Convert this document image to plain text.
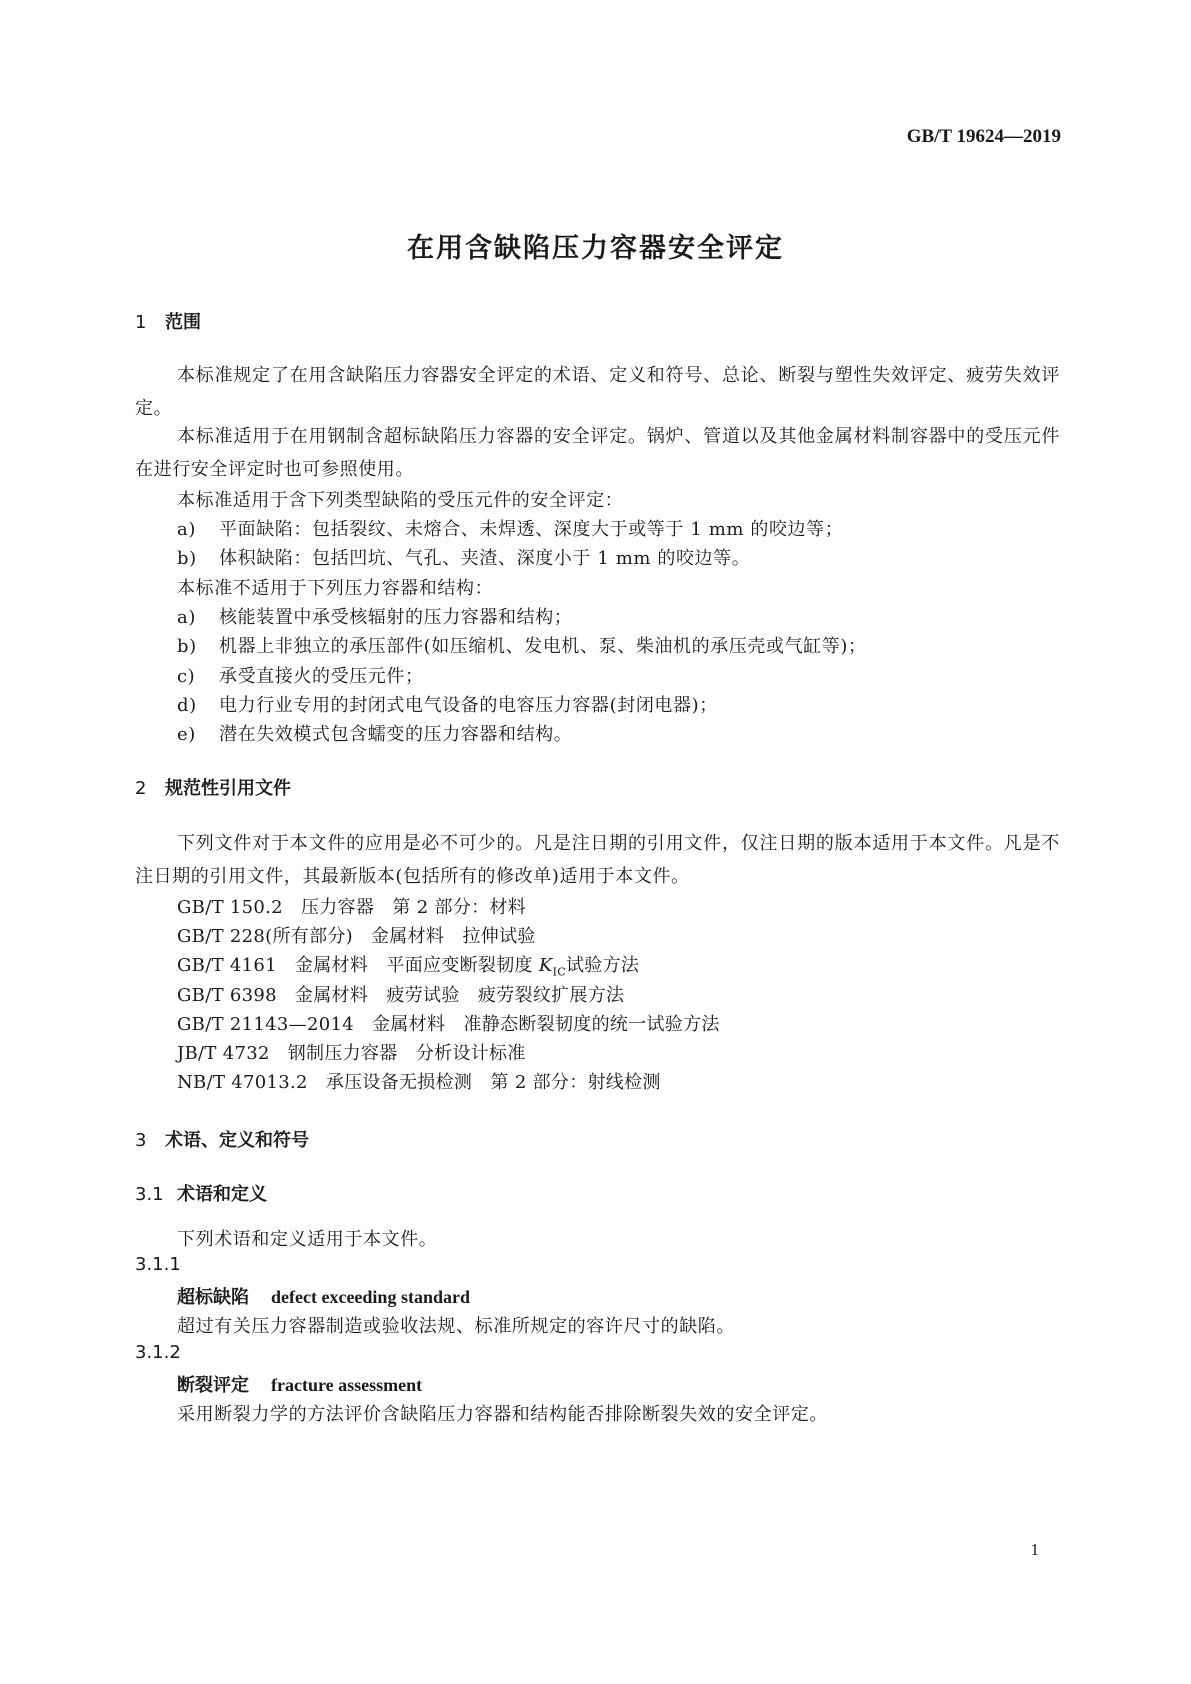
GB/T 19624—2019
在用含缺陷压力容器安全评定
1 范围
本标准规定了在用含缺陷压力容器安全评定的术语、定义和符号、总论、断裂与塑性失效评定、疲劳失效评定。
本标准适用于在用钢制含超标缺陷压力容器的安全评定。锅炉、管道以及其他金属材料制容器中的受压元件在进行安全评定时也可参照使用。
本标准适用于含下列类型缺陷的受压元件的安全评定：
a) 平面缺陷：包括裂纹、未熔合、未焊透、深度大于或等于 1 mm 的咬边等；
b) 体积缺陷：包括凹坑、气孔、夹渣、深度小于 1 mm 的咬边等。
本标准不适用于下列压力容器和结构：
a) 核能装置中承受核辐射的压力容器和结构；
b) 机器上非独立的承压部件(如压缩机、发电机、泵、柴油机的承压壳或气缸等)；
c) 承受直接火的受压元件；
d) 电力行业专用的封闭式电气设备的电容压力容器(封闭电器)；
e) 潜在失效模式包含蠕变的压力容器和结构。
2 规范性引用文件
下列文件对于本文件的应用是必不可少的。凡是注日期的引用文件，仅注日期的版本适用于本文件。凡是不注日期的引用文件，其最新版本(包括所有的修改单)适用于本文件。
GB/T 150.2 压力容器　第 2 部分：材料
GB/T 228(所有部分) 金属材料　拉伸试验
GB/T 4161 金属材料　平面应变断裂韧度 $K_{IC}$试验方法
GB/T 6398 金属材料　疲劳试验　疲劳裂纹扩展方法
GB/T 21143—2014 金属材料　准静态断裂韧度的统一试验方法
JB/T 4732 钢制压力容器　分析设计标准
NB/T 47013.2 承压设备无损检测　第 2 部分：射线检测
3 术语、定义和符号
3.1 术语和定义
下列术语和定义适用于本文件。
3.1.1
超标缺陷 defect exceeding standard
超过有关压力容器制造或验收法规、标准所规定的容许尺寸的缺陷。
3.1.2
断裂评定 fracture assessment
采用断裂力学的方法评价含缺陷压力容器和结构能否排除断裂失效的安全评定。
1
